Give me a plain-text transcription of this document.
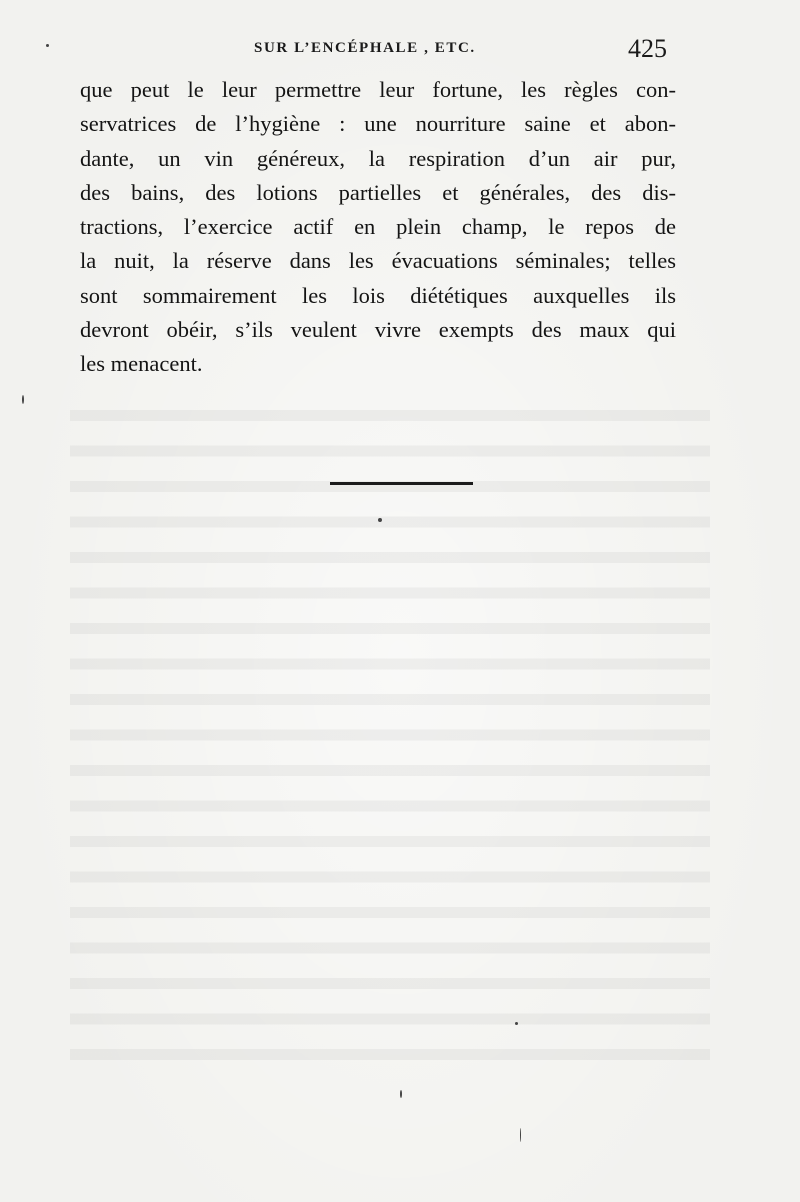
SUR L’ENCÉPHALE , ETC.	425
que peut le leur permettre leur fortune, les règles con-
servatrices de l’hygiène : une nourriture saine et abon-
dante, un vin généreux, la respiration d’un air pur,
des bains, des lotions partielles et générales, des dis-
tractions, l’exercice actif en plein champ, le repos de
la nuit, la réserve dans les évacuations séminales; telles
sont sommairement les lois diététiques auxquelles ils
devront obéir, s’ils veulent vivre exempts des maux qui
les menacent.
